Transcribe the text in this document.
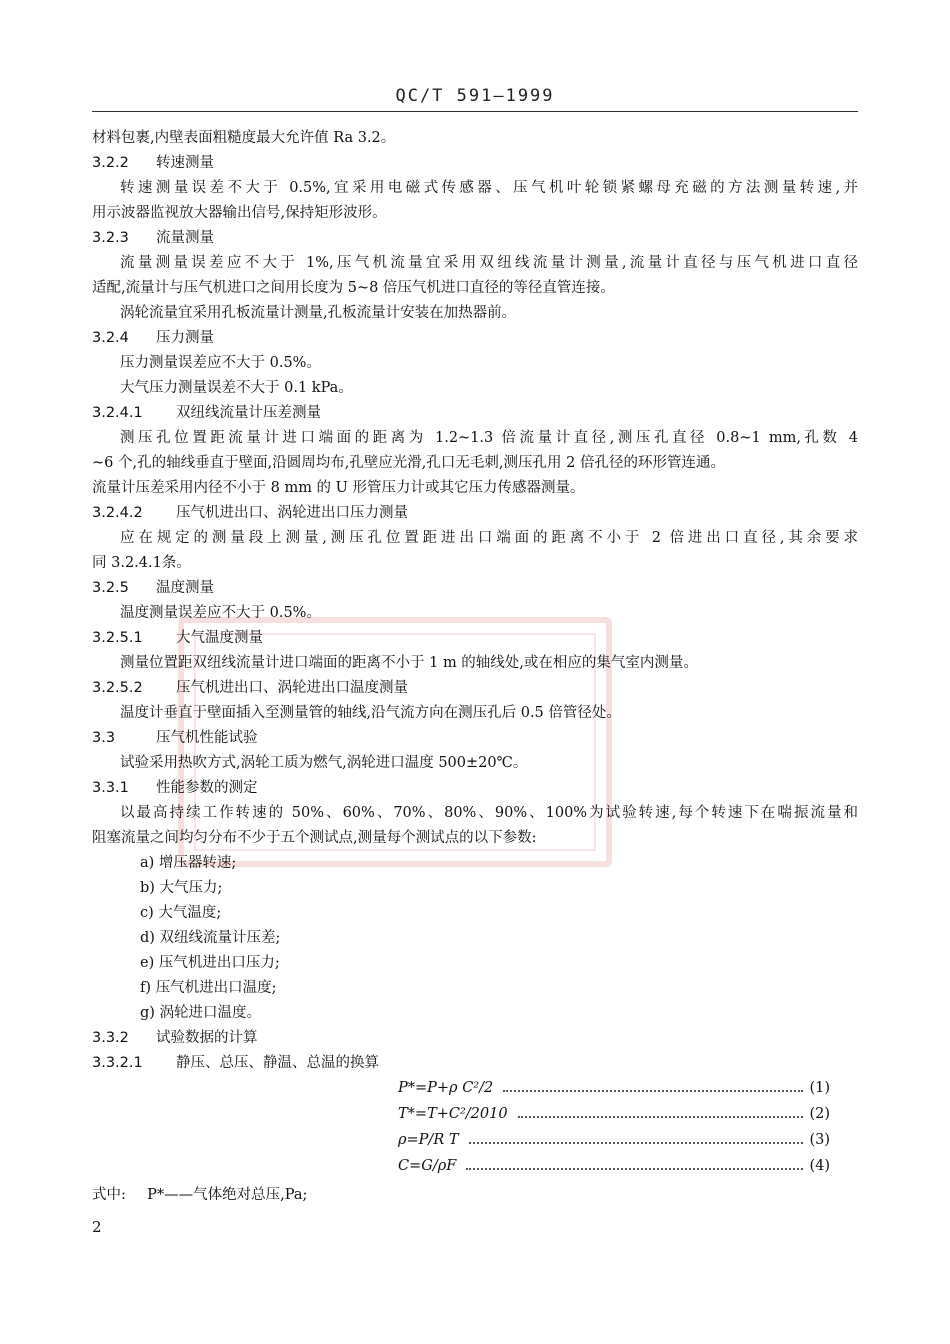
QC/T 591—1999
材料包裹,内壁表面粗糙度最大允许值 Ra 3.2。
3.2.2 转速测量
转速测量误差不大于 0.5%,宜采用电磁式传感器、压气机叶轮锁紧螺母充磁的方法测量转速,并
用示波器监视放大器输出信号,保持矩形波形。
3.2.3 流量测量
流量测量误差应不大于 1%,压气机流量宜采用双纽线流量计测量,流量计直径与压气机进口直径
适配,流量计与压气机进口之间用长度为 5~8 倍压气机进口直径的等径直管连接。
涡轮流量宜采用孔板流量计测量,孔板流量计安装在加热器前。
3.2.4 压力测量
压力测量误差应不大于 0.5%。
大气压力测量误差不大于 0.1 kPa。
3.2.4.1 双纽线流量计压差测量
测压孔位置距流量计进口端面的距离为 1.2~1.3 倍流量计直径,测压孔直径 0.8~1 mm,孔数 4
~6 个,孔的轴线垂直于壁面,沿圆周均布,孔壁应光滑,孔口无毛刺,测压孔用 2 倍孔径的环形管连通。
流量计压差采用内径不小于 8 mm 的 U 形管压力计或其它压力传感器测量。
3.2.4.2 压气机进出口、涡轮进出口压力测量
应在规定的测量段上测量,测压孔位置距进出口端面的距离不小于 2 倍进出口直径,其余要求
同 3.2.4.1条。
3.2.5 温度测量
温度测量误差应不大于 0.5%。
3.2.5.1 大气温度测量
测量位置距双纽线流量计进口端面的距离不小于 1 m 的轴线处,或在相应的集气室内测量。
3.2.5.2 压气机进出口、涡轮进出口温度测量
温度计垂直于壁面插入至测量管的轴线,沿气流方向在测压孔后 0.5 倍管径处。
3.3	压气机性能试验
试验采用热吹方式,涡轮工质为燃气,涡轮进口温度 500±20℃。
3.3.1 性能参数的测定
以最高持续工作转速的 50%、60%、70%、80%、90%、100%为试验转速,每个转速下在喘振流量和
阻塞流量之间均匀分布不少于五个测试点,测量每个测试点的以下参数:
a) 增压器转速;
b) 大气压力;
c) 大气温度;
d) 双纽线流量计压差;
e) 压气机进出口压力;
f) 压气机进出口温度;
g) 涡轮进口温度。
3.3.2 试验数据的计算
3.3.2.1 静压、总压、静温、总温的换算
P*=P+ρ C²/2	(1)
T*=T+C²/2010	(2)
ρ=P/R T	(3)
C=G/ρF	(4)
式中: P*——气体绝对总压,Pa;
2
